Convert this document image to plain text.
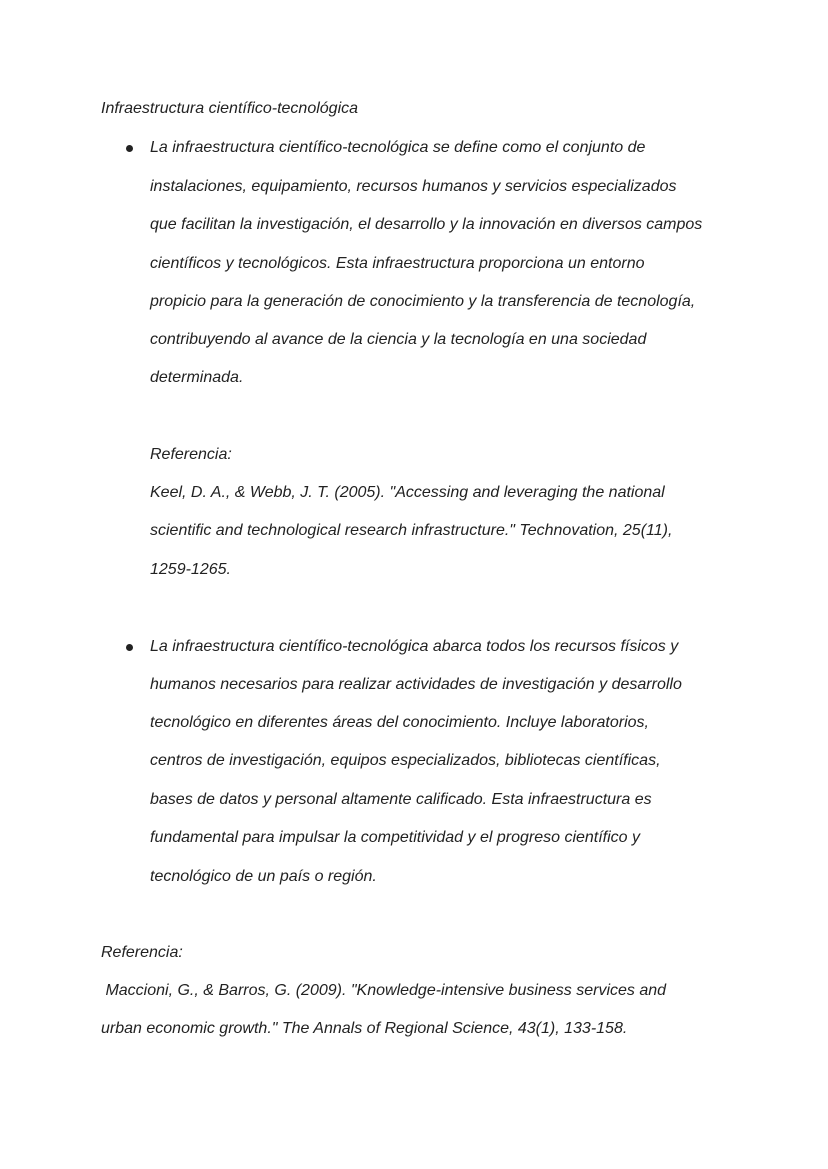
Infraestructura científico-tecnológica
La infraestructura científico-tecnológica se define como el conjunto de
instalaciones, equipamiento, recursos humanos y servicios especializados
que facilitan la investigación, el desarrollo y la innovación en diversos campos
científicos y tecnológicos. Esta infraestructura proporciona un entorno
propicio para la generación de conocimiento y la transferencia de tecnología,
contribuyendo al avance de la ciencia y la tecnología en una sociedad
determinada.
Referencia:
Keel, D. A., & Webb, J. T. (2005). "Accessing and leveraging the national
scientific and technological research infrastructure." Technovation, 25(11),
1259-1265.
La infraestructura científico-tecnológica abarca todos los recursos físicos y
humanos necesarios para realizar actividades de investigación y desarrollo
tecnológico en diferentes áreas del conocimiento. Incluye laboratorios,
centros de investigación, equipos especializados, bibliotecas científicas,
bases de datos y personal altamente calificado. Esta infraestructura es
fundamental para impulsar la competitividad y el progreso científico y
tecnológico de un país o región.
Referencia:
Maccioni, G., & Barros, G. (2009). "Knowledge-intensive business services and
urban economic growth." The Annals of Regional Science, 43(1), 133-158.
